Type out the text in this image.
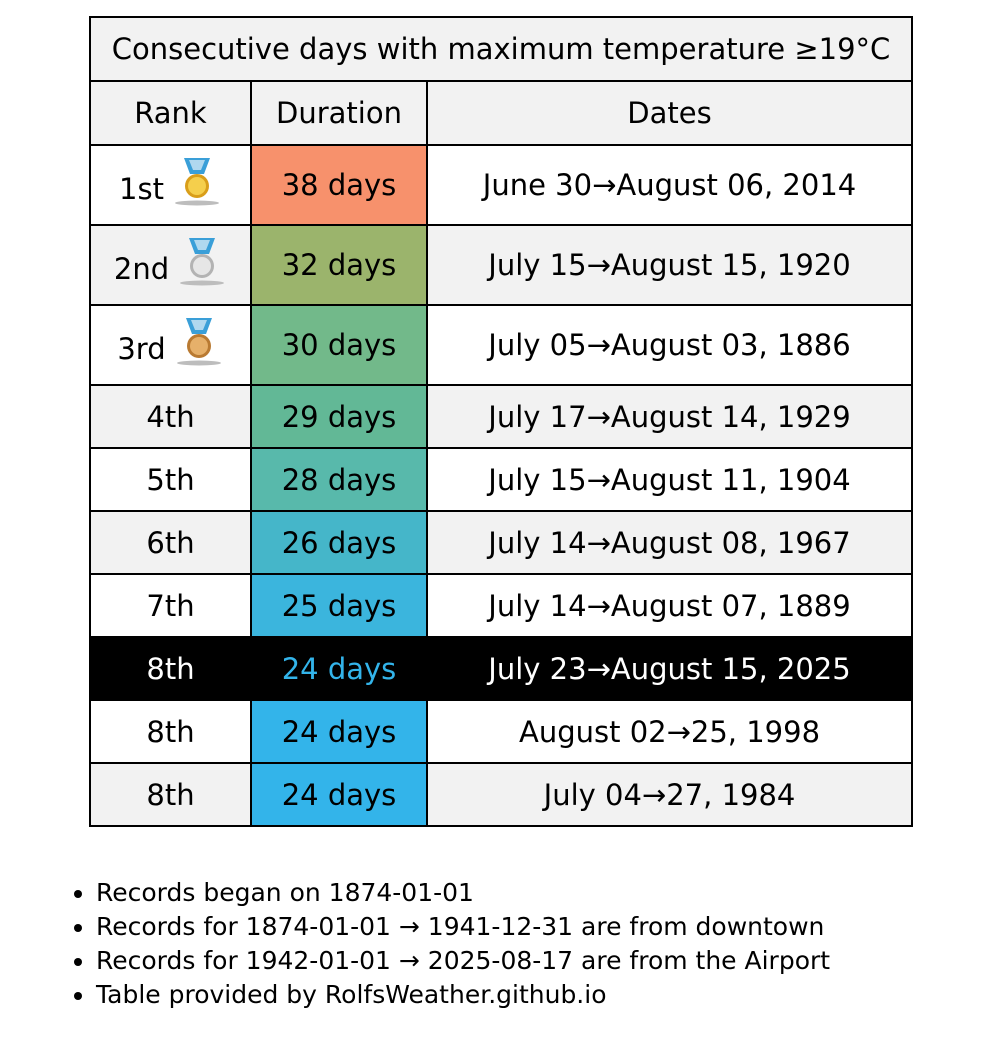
Consecutive days with maximum temperature ≥19°C		
Rank	Duration	Dates

1st	38 days	June 30→August 06, 2014

2nd	32 days	July 15→August 15, 1920

3rd	30 days	July 05→August 03, 1886
4th	29 days	July 17→August 14, 1929
5th	28 days	July 15→August 11, 1904
6th	26 days	July 14→August 08, 1967
7th	25 days	July 14→August 07, 1889
8th	24 days	July 23→August 15, 2025
8th	24 days	August 02→25, 1998
8th	24 days	July 04→27, 1984
• Records began on 1874-01-01
• Records for 1874-01-01 → 1941-12-31 are from downtown
• Records for 1942-01-01 → 2025-08-17 are from the Airport
• Table provided by RolfsWeather.github.io
